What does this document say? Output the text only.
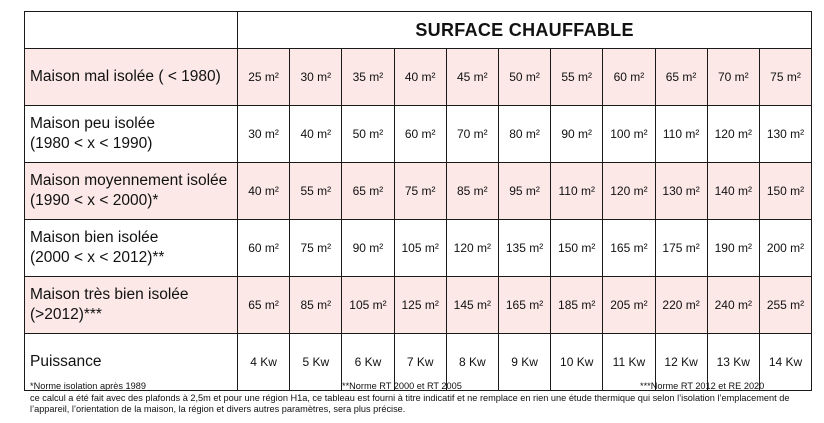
	SURFACE CHAUFFABLE										

Maison mal isolée ( < 1980)	25 m²	30 m²	35 m²	40 m²	45 m²	50 m²	55 m²	60 m²	65 m²	70 m²	75 m²

Maison peu isolée
(1980 < x < 1990)	30 m²	40 m²	50 m²	60 m²	70 m²	80 m²	90 m²	100 m²	110 m²	120 m²	130 m²

Maison moyennement isolée
(1990 < x < 2000)*	40 m²	55 m²	65 m²	75 m²	85 m²	95 m²	110 m²	120 m²	130 m²	140 m²	150 m²

Maison bien isolée
(2000 < x < 2012)**	60 m²	75 m²	90 m²	105 m²	120 m²	135 m²	150 m²	165 m²	175 m²	190 m²	200 m²

Maison très bien isolée
(>2012)***	65 m²	85 m²	105 m²	125 m²	145 m²	165 m²	185 m²	205 m²	220 m²	240 m²	255 m²

Puissance	4 Kw	5 Kw	6 Kw	7 Kw	8 Kw	9 Kw	10 Kw	11 Kw	12 Kw	13 Kw	14 Kw
*Norme isolation après 1989	**Norme RT 2000 et RT 2005	***Norme RT 2012 et RE 2020
ce calcul a été fait avec des plafonds à 2,5m et pour une région H1a, ce tableau est fourni à titre indicatif et ne remplace en rien une étude thermique qui selon l’isolation l’emplacement de l’appareil, l’orientation de la maison, la région et divers autres paramètres, sera plus précise.
